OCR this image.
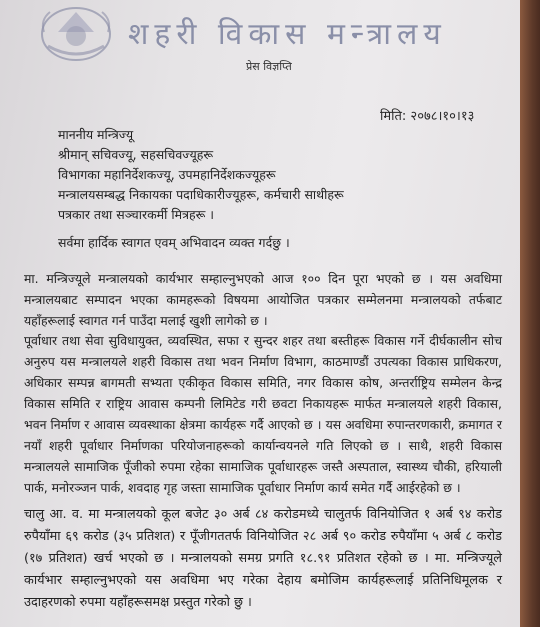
शहरी विकास मन्त्रालय
प्रेस विज्ञप्ति
मिति: २०७८।१०।१३
माननीय मन्त्रिज्यू
श्रीमान् सचिवज्यू, सहसचिवज्यूहरू
विभागका महानिर्देशकज्यू, उपमहानिर्देशकज्यूहरू
मन्त्रालयसम्बद्ध निकायका पदाधिकारीज्यूहरू, कर्मचारी साथीहरू
पत्रकार तथा सञ्चारकर्मी मित्रहरू ।
सर्वमा हार्दिक स्वागत एवम् अभिवादन व्यक्त गर्दछु ।
मा. मन्त्रिज्यूले मन्त्रालयको कार्यभार सम्हाल्नुभएको आज १०० दिन पूरा भएको छ । यस अवधिमा मन्त्रालयबाट सम्पादन भएका कामहरूको विषयमा आयोजित पत्रकार सम्मेलनमा मन्त्रालयको तर्फबाट यहाँहरूलाई स्वागत गर्न पाउँदा मलाई खुशी लागेको छ ।
पूर्वाधार तथा सेवा सुविधायुक्त, व्यवस्थित, सफा र सुन्दर शहर तथा बस्तीहरू विकास गर्ने दीर्घकालीन सोच अनुरुप यस मन्त्रालयले शहरी विकास तथा भवन निर्माण विभाग, काठमाण्डौं उपत्यका विकास प्राधिकरण, अधिकार सम्पन्न बागमती सभ्यता एकीकृत विकास समिति, नगर विकास कोष, अन्तर्राष्ट्रिय सम्मेलन केन्द्र विकास समिति र राष्ट्रिय आवास कम्पनी लिमिटेड गरी छवटा निकायहरू मार्फत मन्त्रालयले शहरी विकास, भवन निर्माण र आवास व्यवस्थाका क्षेत्रमा कार्यहरू गर्दै आएको छ । यस अवधिमा रुपान्तरणकारी, क्रमागत र नयाँ शहरी पूर्वाधार निर्माणका परियोजनाहरूको कार्यान्वयनले गति लिएको छ । साथै, शहरी विकास मन्त्रालयले सामाजिक पूँजीको रुपमा रहेका सामाजिक पूर्वाधारहरू जस्तै अस्पताल, स्वास्थ्य चौकी, हरियाली पार्क, मनोरञ्जन पार्क, शवदाह गृह जस्ता सामाजिक पूर्वाधार निर्माण कार्य समेत गर्दै आईरहेको छ ।
चालु आ. व. मा मन्त्रालयको कूल बजेट ३० अर्ब ८४ करोडमध्ये चालुतर्फ विनियोजित १ अर्ब ९४ करोड रुपैयाँमा ६९ करोड (३५ प्रतिशत) र पूँजीगततर्फ विनियोजित २८ अर्ब ९० करोड रुपैयाँमा ५ अर्ब ८ करोड (१७ प्रतिशत) खर्च भएको छ । मन्त्रालयको समग्र प्रगति १८.९१ प्रतिशत रहेको छ । मा. मन्त्रिज्यूले कार्यभार सम्हाल्नुभएको यस अवधिमा भए गरेका देहाय बमोजिम कार्यहरूलाई प्रतिनिधिमूलक र उदाहरणको रुपमा यहाँहरूसमक्ष प्रस्तुत गरेको छु ।
